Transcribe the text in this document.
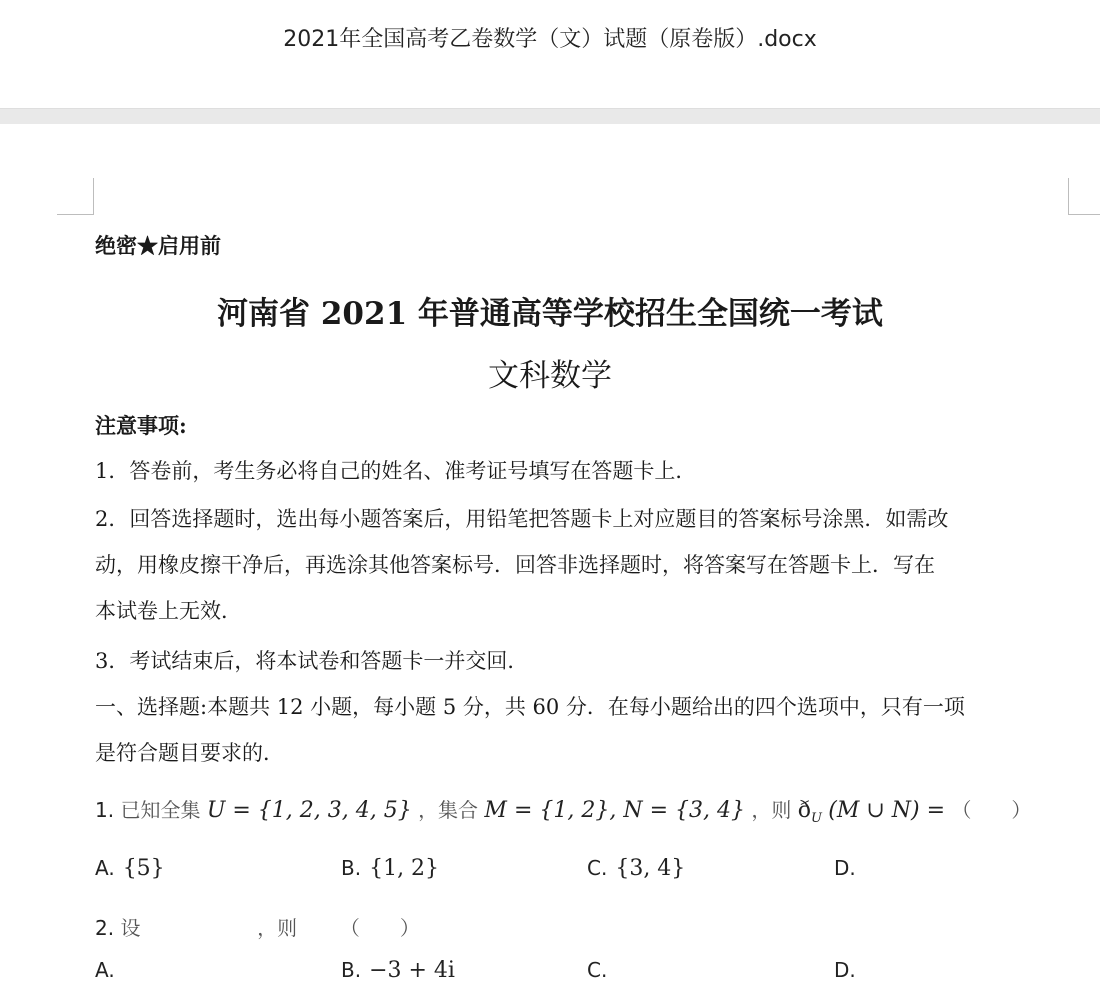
2021年全国高考乙卷数学（文）试题（原卷版）.docx
绝密★启用前
河南省 2021 年普通高等学校招生全国统一考试
文科数学
注意事项:
1．答卷前，考生务必将自己的姓名、准考证号填写在答题卡上．
2．回答选择题时，选出每小题答案后，用铅笔把答题卡上对应题目的答案标号涂黑．如需改
动，用橡皮擦干净后，再选涂其他答案标号．回答非选择题时，将答案写在答题卡上．写在
本试卷上无效．
3．考试结束后，将本试卷和答题卡一并交回．
一、选择题:本题共 12 小题，每小题 5 分，共 60 分．在每小题给出的四个选项中，只有一项
是符合题目要求的．
1. 已知全集 U = {1, 2, 3, 4, 5} ，集合 M = {1, 2}, N = {3, 4} ，则 $ð_U$ (M ∪ N) = （　　）
A. {5}	B. {1, 2}	C. {3, 4}	D.
2. 设	，则 （　　）
A.	B. −3 + 4i	C.	D.
